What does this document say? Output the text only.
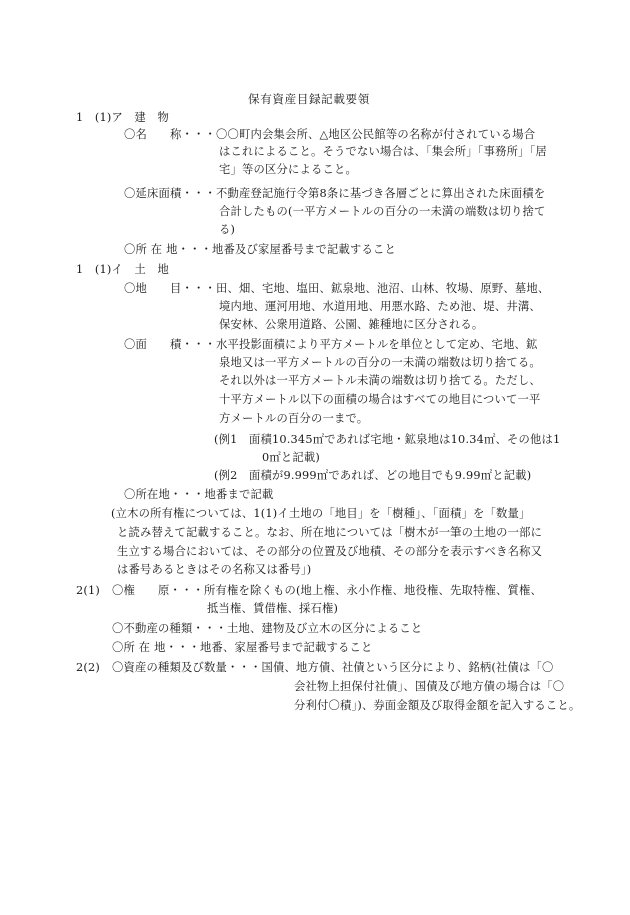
保有資産目録記載要領
1　(1)ア　建　物
〇名　　称・・・〇〇町内会集会所、△地区公民館等の名称が付されている場合
はこれによること。そうでない場合は、「集会所」「事務所」「居
宅」等の区分によること。
〇延床面積・・・不動産登記施行令第8条に基づき各層ごとに算出された床面積を
合計したもの(一平方メートルの百分の一未満の端数は切り捨て
る)
〇所 在 地・・・地番及び家屋番号まで記載すること
1　(1)イ　土　地
〇地　　目・・・田、畑、宅地、塩田、鉱泉地、池沼、山林、牧場、原野、墓地、
境内地、運河用地、水道用地、用悪水路、ため池、堤、井溝、
保安林、公衆用道路、公園、雑種地に区分される。
〇面　　積・・・水平投影面積により平方メートルを単位として定め、宅地、鉱
泉地又は一平方メートルの百分の一未満の端数は切り捨てる。
それ以外は一平方メートル未満の端数は切り捨てる。ただし、
十平方メートル以下の面積の場合はすべての地目について一平
方メートルの百分の一まで。
(例1　面積10.345㎡であれば宅地・鉱泉地は10.34㎡、その他は1
0㎡と記載)
(例2　面積が9.999㎡であれば、どの地目でも9.99㎡と記載)
〇所在地・・・地番まで記載
(立木の所有権については、1(1)イ土地の「地目」を「樹種」、「面積」を「数量」
と読み替えて記載すること。なお、所在地については「樹木が一筆の土地の一部に
生立する場合においては、その部分の位置及び地積、その部分を表示すべき名称又
は番号あるときはその名称又は番号」)
2(1) 〇権　　原・・・所有権を除くもの(地上権、永小作権、地役権、先取特権、質権、
抵当権、賃借権、採石権)
〇不動産の種類・・・土地、建物及び立木の区分によること
〇所 在 地・・・地番、家屋番号まで記載すること
2(2) 〇資産の種類及び数量・・・国債、地方債、社債という区分により、銘柄(社債は「〇
会社物上担保付社債」、国債及び地方債の場合は「〇
分利付〇積」)、券面金額及び取得金額を記入すること。
